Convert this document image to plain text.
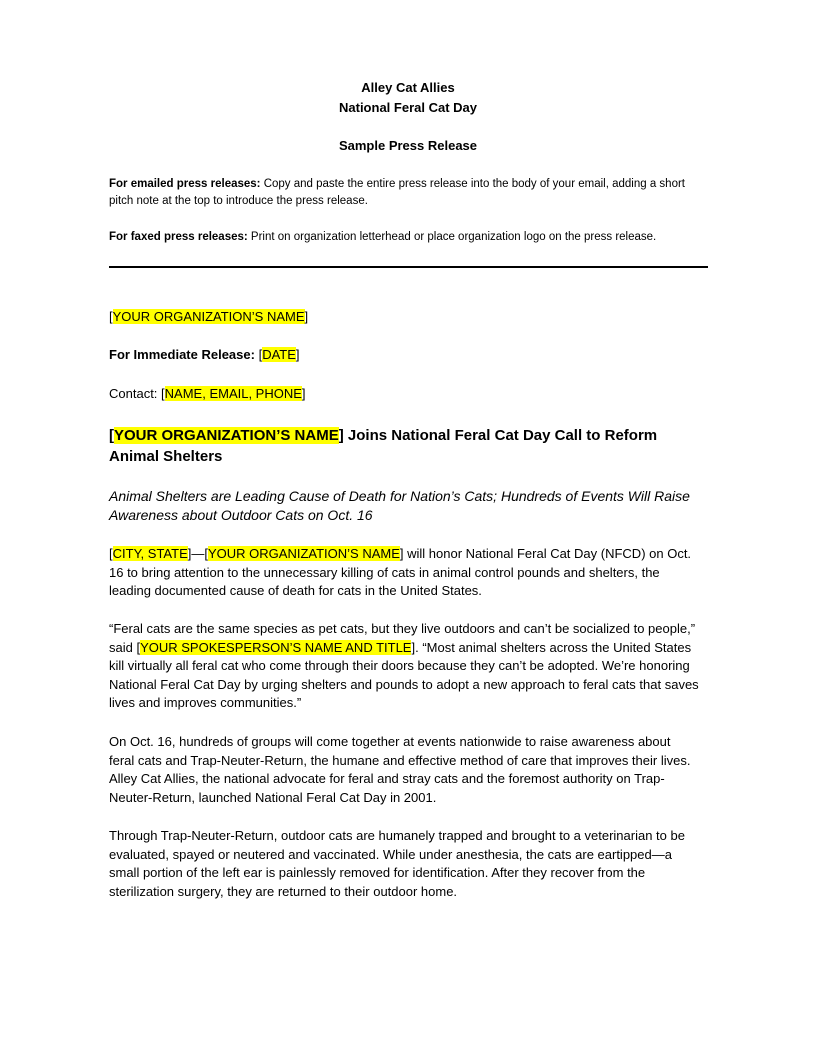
Alley Cat Allies
National Feral Cat Day
Sample Press Release
For emailed press releases: Copy and paste the entire press release into the body of your email, adding a short pitch note at the top to introduce the press release.
For faxed press releases: Print on organization letterhead or place organization logo on the press release.
[YOUR ORGANIZATION’S NAME]
For Immediate Release: [DATE]
Contact: [NAME, EMAIL, PHONE]
[YOUR ORGANIZATION’S NAME] Joins National Feral Cat Day Call to Reform Animal Shelters
Animal Shelters are Leading Cause of Death for Nation’s Cats; Hundreds of Events Will Raise Awareness about Outdoor Cats on Oct. 16
[CITY, STATE]—[YOUR ORGANIZATION’S NAME] will honor National Feral Cat Day (NFCD) on Oct. 16 to bring attention to the unnecessary killing of cats in animal control pounds and shelters, the leading documented cause of death for cats in the United States.
“Feral cats are the same species as pet cats, but they live outdoors and can’t be socialized to people,” said [YOUR SPOKESPERSON’S NAME AND TITLE]. “Most animal shelters across the United States kill virtually all feral cat who come through their doors because they can’t be adopted. We’re honoring National Feral Cat Day by urging shelters and pounds to adopt a new approach to feral cats that saves lives and improves communities.”
On Oct. 16, hundreds of groups will come together at events nationwide to raise awareness about feral cats and Trap-Neuter-Return, the humane and effective method of care that improves their lives. Alley Cat Allies, the national advocate for feral and stray cats and the foremost authority on Trap-Neuter-Return, launched National Feral Cat Day in 2001.
Through Trap-Neuter-Return, outdoor cats are humanely trapped and brought to a veterinarian to be evaluated, spayed or neutered and vaccinated. While under anesthesia, the cats are eartipped—a small portion of the left ear is painlessly removed for identification. After they recover from the sterilization surgery, they are returned to their outdoor home.
